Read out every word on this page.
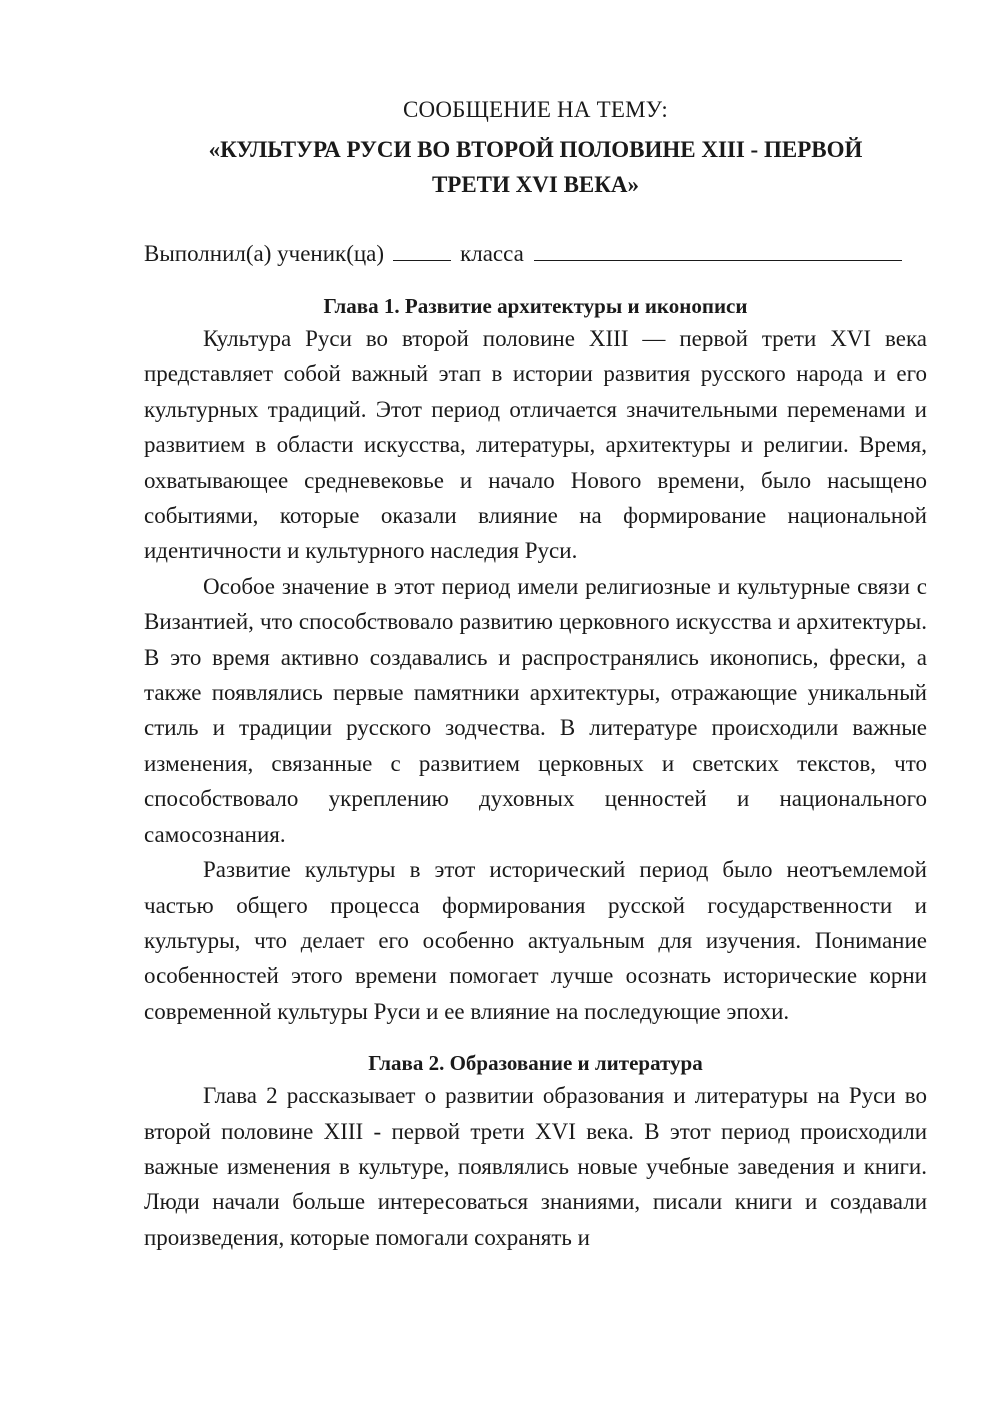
СООБЩЕНИЕ НА ТЕМУ:
«КУЛЬТУРА РУСИ ВО ВТОРОЙ ПОЛОВИНЕ XIII - ПЕРВОЙ ТРЕТИ XVI ВЕКА»
Выполнил(а) ученик(ца)	класса
Глава 1. Развитие архитектуры и иконописи

Культура Руси во второй половине XIII — первой трети XVI века представляет собой важный этап в истории развития русского народа и его культурных традиций. Этот период отличается значительными переменами и развитием в области искусства, литературы, архитектуры и религии. Время, охватывающее средневековье и начало Нового времени, было насыщено событиями, которые оказали влияние на формирование национальной идентичности и культурного наследия Руси.

Особое значение в этот период имели религиозные и культурные связи с Византией, что способствовало развитию церковного искусства и архитектуры. В это время активно создавались и распространялись иконопись, фрески, а также появлялись первые памятники архитектуры, отражающие уникальный стиль и традиции русского зодчества. В литературе происходили важные изменения, связанные с развитием церковных и светских текстов, что способствовало укреплению духовных ценностей и национального самосознания.

Развитие культуры в этот исторический период было неотъемлемой частью общего процесса формирования русской государственности и культуры, что делает его особенно актуальным для изучения. Понимание особенностей этого времени помогает лучше осознать исторические корни современной культуры Руси и ее влияние на последующие эпохи.

Глава 2. Образование и литература

Глава 2 рассказывает о развитии образования и литературы на Руси во второй половине XIII - первой трети XVI века. В этот период происходили важные изменения в культуре, появлялись новые учебные заведения и книги. Люди начали больше интересоваться знаниями, писали книги и создавали произведения, которые помогали сохранять и
